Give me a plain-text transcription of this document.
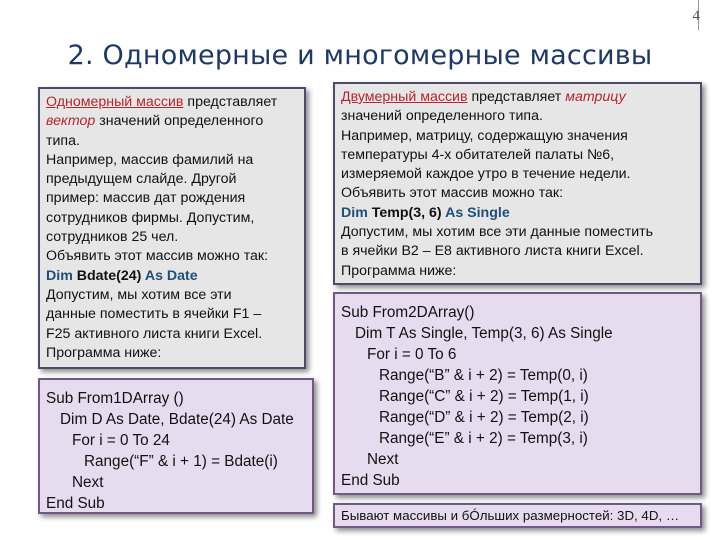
4
2. Одномерные и многомерные массивы
Одномерный массив представляет
вектор значений определенного
типа.
Например, массив фамилий на
предыдущем слайде. Другой
пример: массив дат рождения
сотрудников фирмы. Допустим,
сотрудников 25 чел.
Объявить этот массив можно так:
Dim Bdate(24) As Date
Допустим, мы хотим все эти
данные поместить в ячейки F1 –
F25 активного листа книги Excel.
Программа ниже:
Sub From1DArray ()
Dim D As Date, Bdate(24) As Date
For i = 0 To 24
Range(“F” & i + 1) = Bdate(i)
Next
End Sub
Двумерный массив представляет матрицу
значений определенного типа.
Например, матрицу, содержащую значения
температуры 4-х обитателей палаты №6,
измеряемой каждое утро в течение недели.
Объявить этот массив можно так:
Dim Temp(3, 6) As Single
Допустим, мы хотим все эти данные поместить
в ячейки B2 – E8 активного листа книги Excel.
Программа ниже:
Sub From2DArray()
Dim T As Single, Temp(3, 6) As Single
For i = 0 To 6
Range(“B” & i + 2) = Temp(0, i)
Range(“C” & i + 2) = Temp(1, i)
Range(“D” & i + 2) = Temp(2, i)
Range(“E” & i + 2) = Temp(3, i)
Next
End Sub
Бывают массивы и бÓльших размерностей: 3D, 4D, …
